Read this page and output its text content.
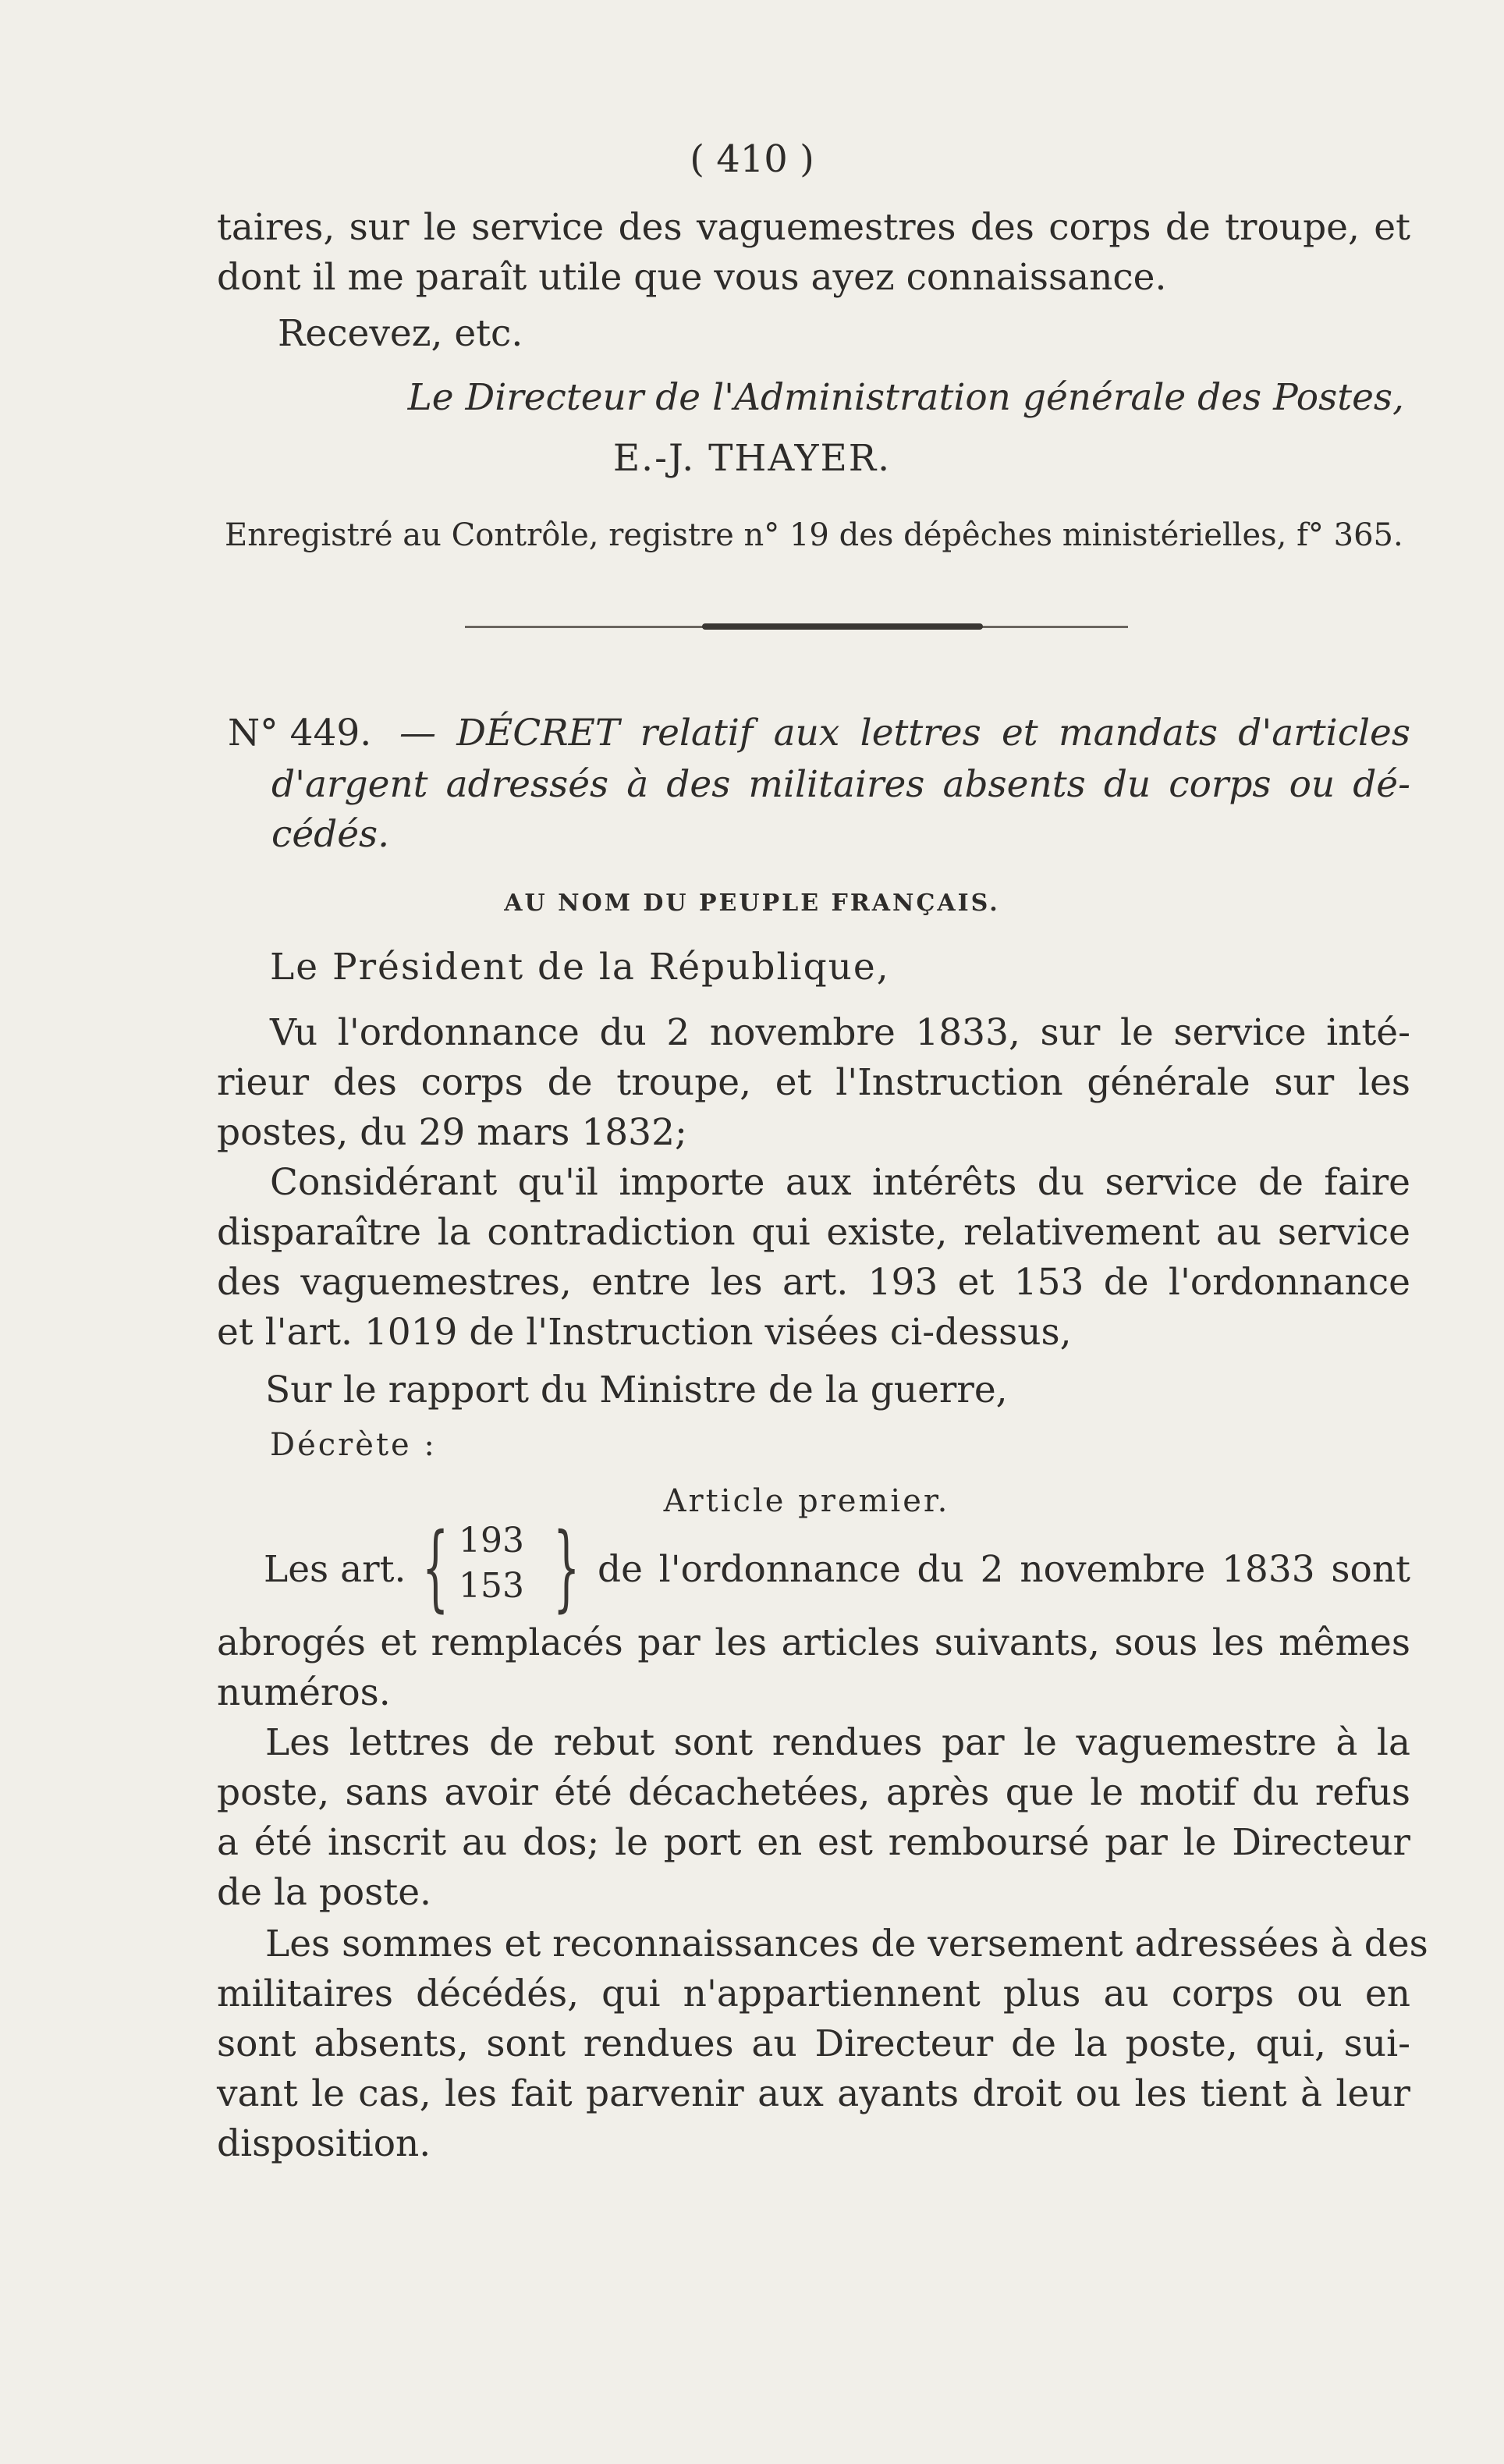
( 410 )
taires, sur le service des vaguemestres des corps de troupe, et
dont il me paraît utile que vous ayez connaissance.
Recevez, etc.
Le Directeur de l'Administration générale des Postes,
E.-J. THAYER.
Enregistré au Contrôle, registre n° 19 des dépêches ministérielles, f° 365.
N° 449. — DÉCRET relatif aux lettres et mandats d'articles
d'argent adressés à des militaires absents du corps ou dé-
cédés.
AU NOM DU PEUPLE FRANÇAIS.
Le Président de la République,
Vu l'ordonnance du 2 novembre 1833, sur le service inté-
rieur des corps de troupe, et l'Instruction générale sur les
postes, du 29 mars 1832;
Considérant qu'il importe aux intérêts du service de faire
disparaître la contradiction qui existe, relativement au service
des vaguemestres, entre les art. 193 et 153 de l'ordonnance
et l'art. 1019 de l'Instruction visées ci-dessus,
Sur le rapport du Ministre de la guerre,
Décrète :
Article premier.
Les art. { 193
153 } de l'ordonnance du 2 novembre 1833 sont
abrogés et remplacés par les articles suivants, sous les mêmes
numéros.
Les lettres de rebut sont rendues par le vaguemestre à la
poste, sans avoir été décachetées, après que le motif du refus
a été inscrit au dos; le port en est remboursé par le Directeur
de la poste.
Les sommes et reconnaissances de versement adressées à des
militaires décédés, qui n'appartiennent plus au corps ou en
sont absents, sont rendues au Directeur de la poste, qui, sui-
vant le cas, les fait parvenir aux ayants droit ou les tient à leur
disposition.
